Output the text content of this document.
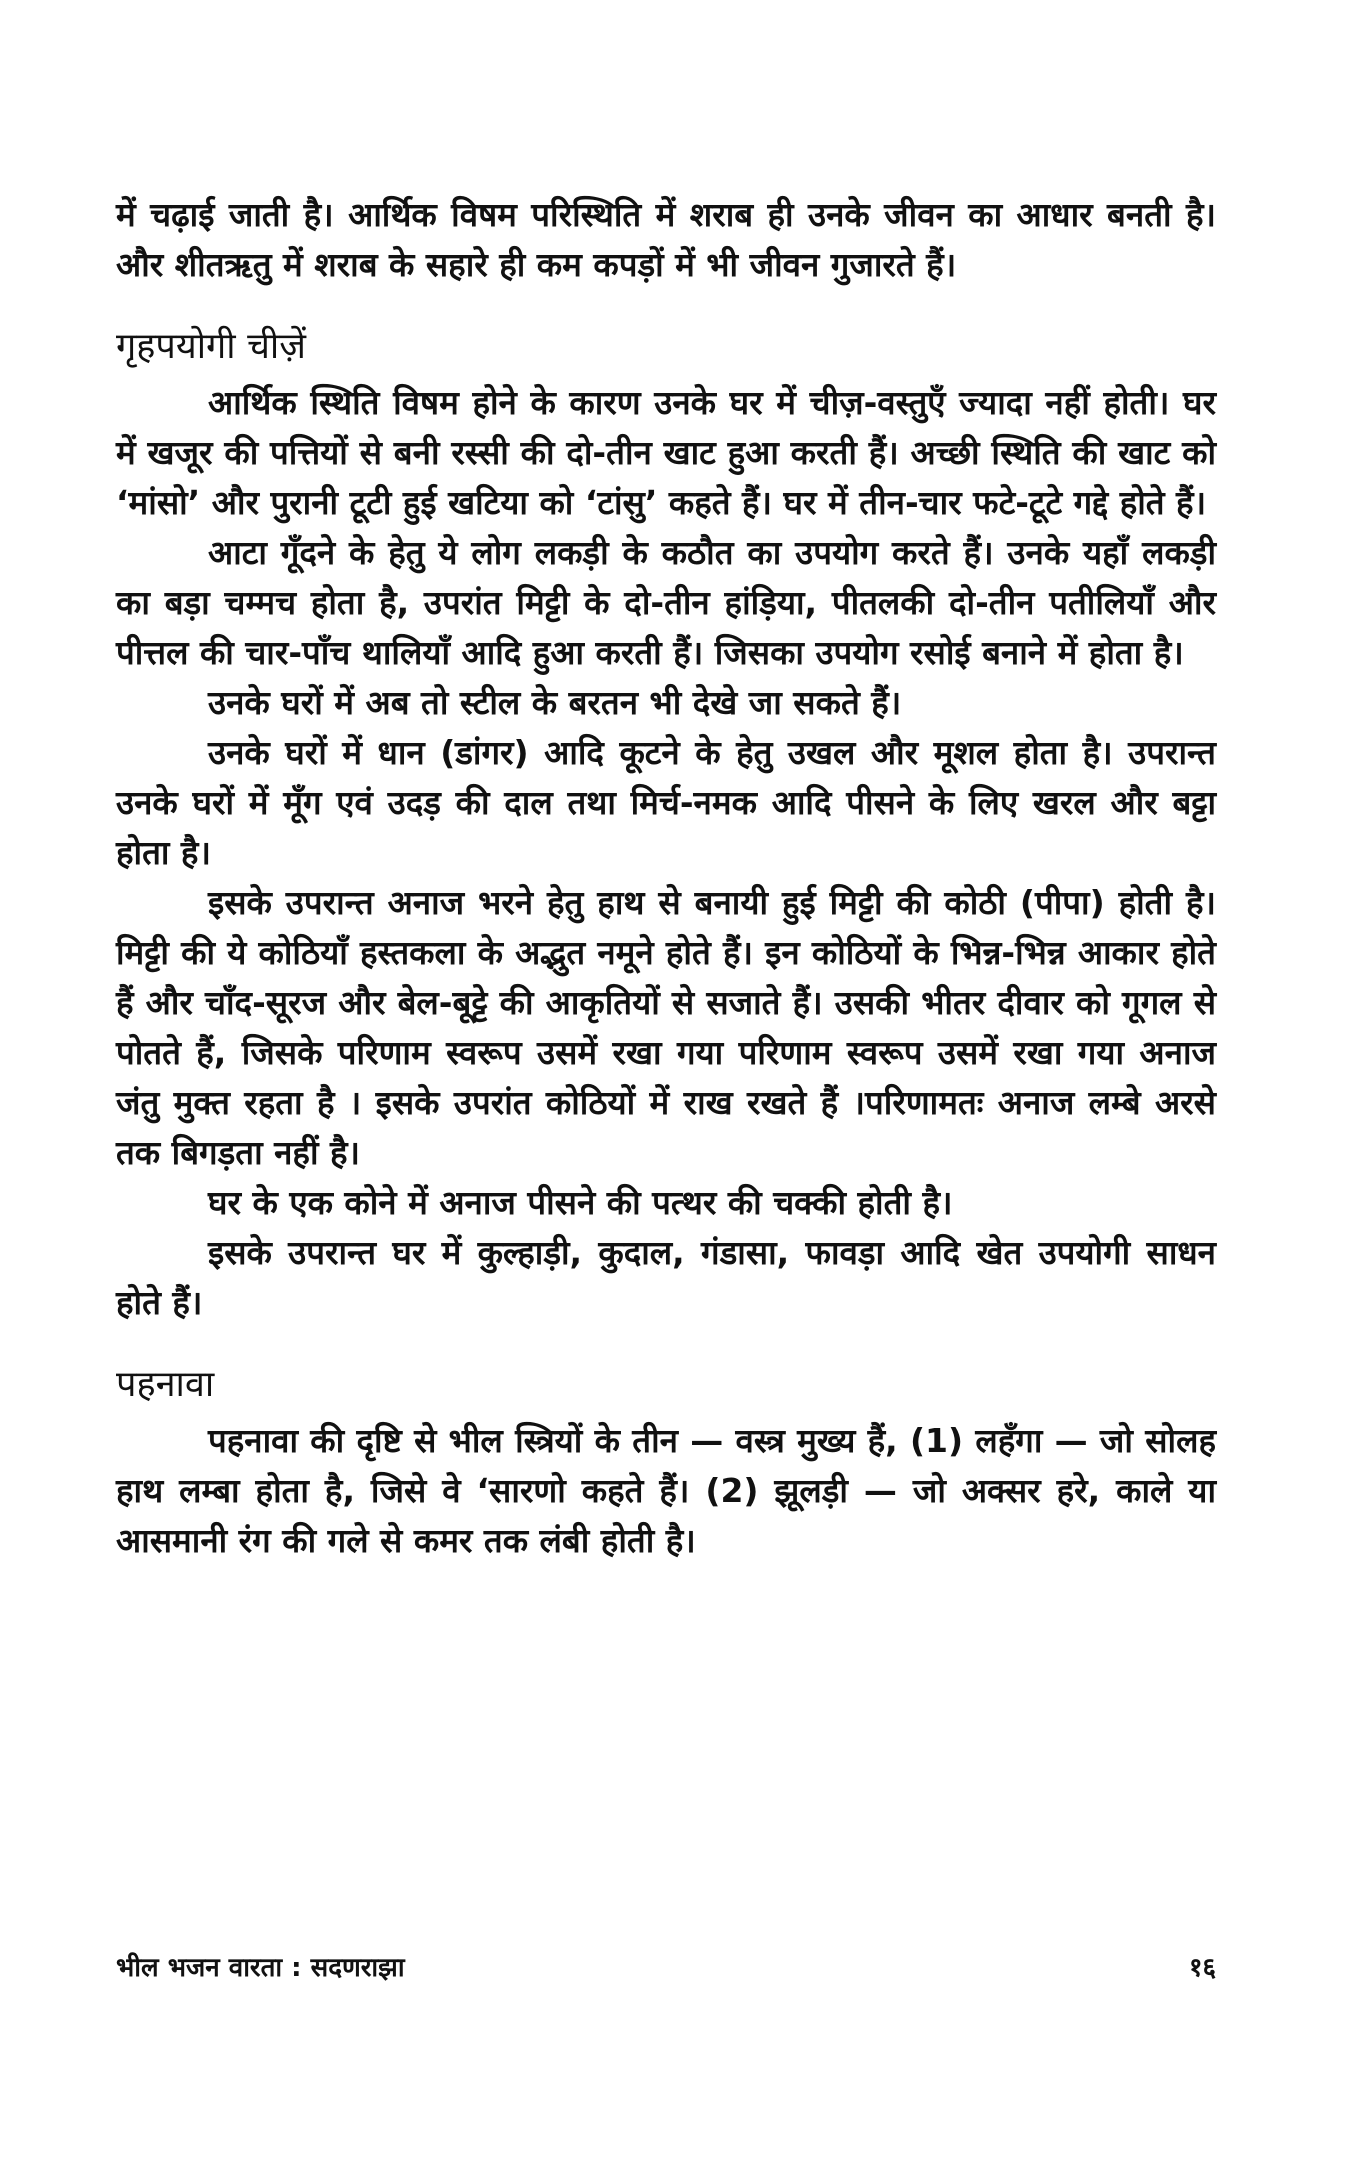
में चढ़ाई जाती है। आर्थिक विषम परिस्थिति में शराब ही उनके जीवन का आधार बनती है। और शीतऋतु में शराब के सहारे ही कम कपड़ों में भी जीवन गुजारते हैं।

गृहपयोगी चीज़ें

आर्थिक स्थिति विषम होने के कारण उनके घर में चीज़-वस्तुएँ ज्यादा नहीं होती। घर में खजूर की पत्तियों से बनी रस्सी की दो-तीन खाट हुआ करती हैं। अच्छी स्थिति की खाट को ‘मांसो’ और पुरानी टूटी हुई खटिया को ‘टांसु’ कहते हैं। घर में तीन-चार फटे-टूटे गद्दे होते हैं।

आटा गूँदने के हेतु ये लोग लकड़ी के कठौत का उपयोग करते हैं। उनके यहाँ लकड़ी का बड़ा चम्मच होता है, उपरांत मिट्टी के दो-तीन हांड़िया, पीतलकी दो-तीन पतीलियाँ और पीत्तल की चार-पाँच थालियाँ आदि हुआ करती हैं। जिसका उपयोग रसोई बनाने में होता है।

उनके घरों में अब तो स्टील के बरतन भी देखे जा सकते हैं।

उनके घरों में धान (डांगर) आदि कूटने के हेतु उखल और मूशल होता है। उपरान्त उनके घरों में मूँग एवं उदड़ की दाल तथा मिर्च-नमक आदि पीसने के लिए खरल और बट्टा होता है।

इसके उपरान्त अनाज भरने हेतु हाथ से बनायी हुई मिट्टी की कोठी (पीपा) होती है। मिट्टी की ये कोठियाँ हस्तकला के अद्भुत नमूने होते हैं। इन कोठियों के भिन्न-भिन्न आकार होते हैं और चाँद-सूरज और बेल-बूट्टे की आकृतियों से सजाते हैं। उसकी भीतर दीवार को गूगल से पोतते हैं, जिसके परिणाम स्वरूप उसमें रखा गया परिणाम स्वरूप उसमें रखा गया अनाज जंतु मुक्त रहता है । इसके उपरांत कोठियों में राख रखते हैं ।परिणामतः अनाज लम्बे अरसे तक बिगड़ता नहीं है।

घर के एक कोने में अनाज पीसने की पत्थर की चक्की होती है।

इसके उपरान्त घर में कुल्हाड़ी, कुदाल, गंडासा, फावड़ा आदि खेत उपयोगी साधन होते हैं।

पहनावा

पहनावा की दृष्टि से भील स्त्रियों के तीन — वस्त्र मुख्य हैं, (1) लहँगा — जो सोलह हाथ लम्बा होता है, जिसे वे ‘सारणो कहते हैं। (2) झूलड़ी — जो अक्सर हरे, काले या आसमानी रंग की गले से कमर तक लंबी होती है।

भील भजन वारता : सदणराझा	१६
